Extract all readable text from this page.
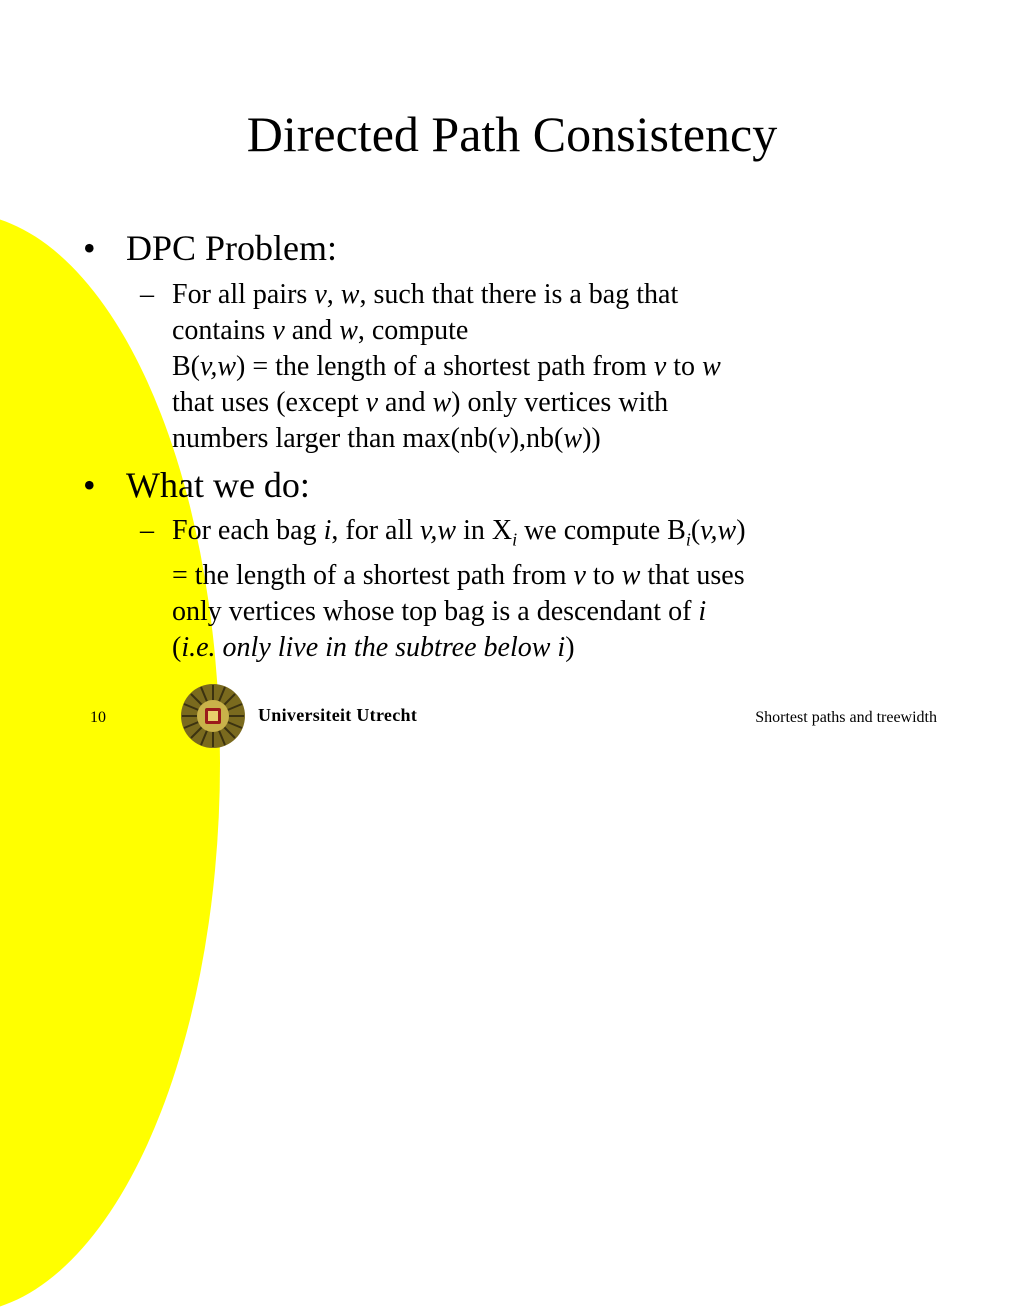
Directed Path Consistency
• DPC Problem:
– For all pairs v, w, such that there is a bag that
contains v and w, compute
B(v,w) = the length of a shortest path from v to w
that uses (except v and w) only vertices with
numbers larger than max(nb(v),nb(w))
• What we do:
– For each bag i, for all v,w in $X_i$ we compute $B_i(v,w)$
= the length of a shortest path from v to w that uses
only vertices whose top bag is a descendant of i
(i.e. only live in the subtree below i)
10	Universiteit Utrecht	Shortest paths and treewidth
